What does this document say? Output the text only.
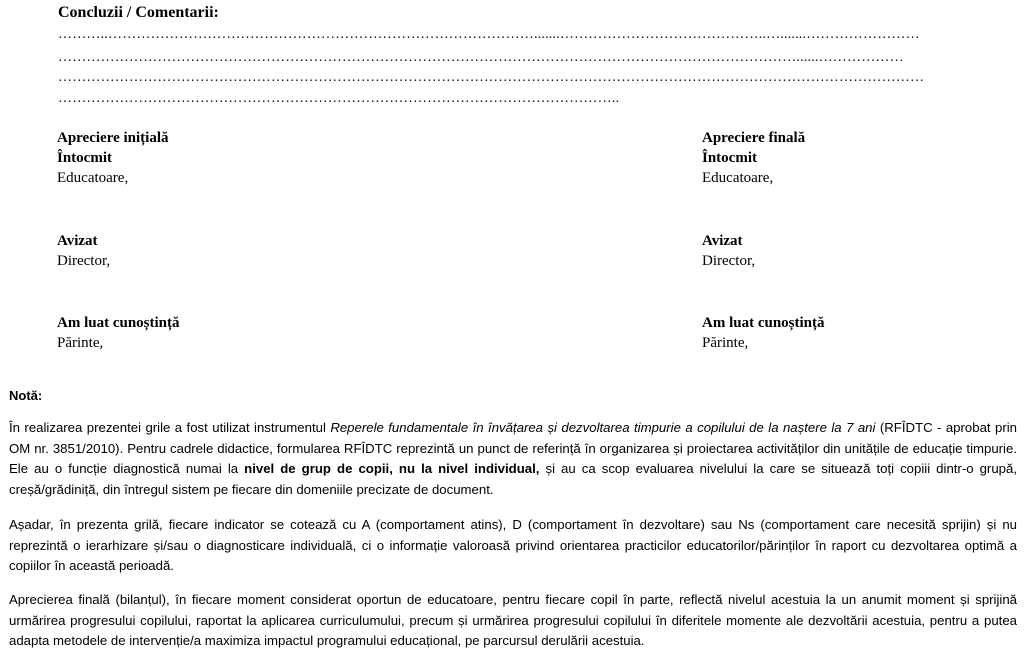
Concluzii / Comentarii:
………..……………………………………………………………………………….......……………………………………..….......……………………
…………………………………………………………………………………………………………………………………………......………………
…………………………………………………………………………………………………………………………………………………………………
………………………………………………………………………………………………………..
Apreciere inițială
Întocmit
Educatoare,
Avizat
Director,
Am luat cunoștință
Părinte,
Apreciere finală
Întocmit
Educatoare,
Avizat
Director,
Am luat cunoștință
Părinte,
Notă:
În realizarea prezentei grile a fost utilizat instrumentul Reperele fundamentale în învățarea și dezvoltarea timpurie a copilului de la naștere la 7 ani (RFÎDTC - aprobat prin OM nr. 3851/2010). Pentru cadrele didactice, formularea RFÎDTC reprezintă un punct de referință în organizarea și proiectarea activităților din unitățile de educație timpurie. Ele au o funcție diagnostică numai la nivel de grup de copii, nu la nivel individual, și au ca scop evaluarea nivelului la care se situează toți copiii dintr-o grupă, creșă/grădiniță, din întregul sistem pe fiecare din domeniile precizate de document.
Așadar, în prezenta grilă, fiecare indicator se cotează cu A (comportament atins), D (comportament în dezvoltare) sau Ns (comportament care necesită sprijin) și nu reprezintă o ierarhizare și/sau o diagnosticare individuală, ci o informație valoroasă privind orientarea practicilor educatorilor/părinților în raport cu dezvoltarea optimă a copiilor în această perioadă.
Aprecierea finală (bilanțul), în fiecare moment considerat oportun de educatoare, pentru fiecare copil în parte, reflectă nivelul acestuia la un anumit moment și sprijină urmărirea progresului copilului, raportat la aplicarea curriculumului, precum și urmărirea progresului copilului în diferitele momente ale dezvoltării acestuia, pentru a putea adapta metodele de intervenție/a maximiza impactul programului educațional, pe parcursul derulării acestuia.
